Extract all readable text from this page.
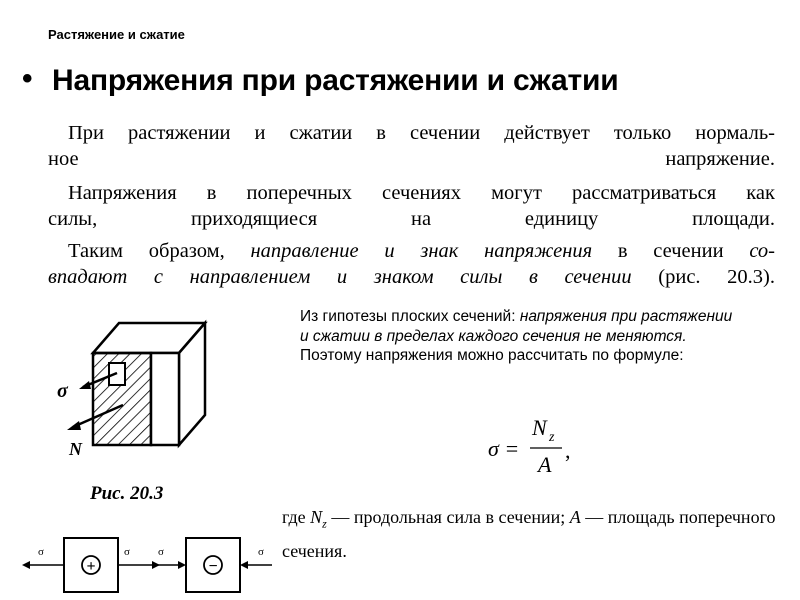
Растяжение и сжатие
• Напряжения при растяжении и сжатии
При растяжении и сжатии в сечении действует только нормаль-
ное напряжение.
Напряжения в поперечных сечениях могут рассматриваться как
силы, приходящиеся на единицу площади.
Таким образом, направление и знак напряжения в сечении со-
впадают с направлением и знаком силы в сечении (рис. 20.3).
Из гипотезы плоских сечений: напряжения при растяжении и сжатии в пределах каждого сечения не меняются. Поэтому напряжения можно рассчитать по формуле:
σ =
N z
A
,
где $N_z$ — продольная сила в сечении; A — площадь поперечного сечения.
σ
N
Рис. 20.3
+
σ	σ
−
σ	σ
